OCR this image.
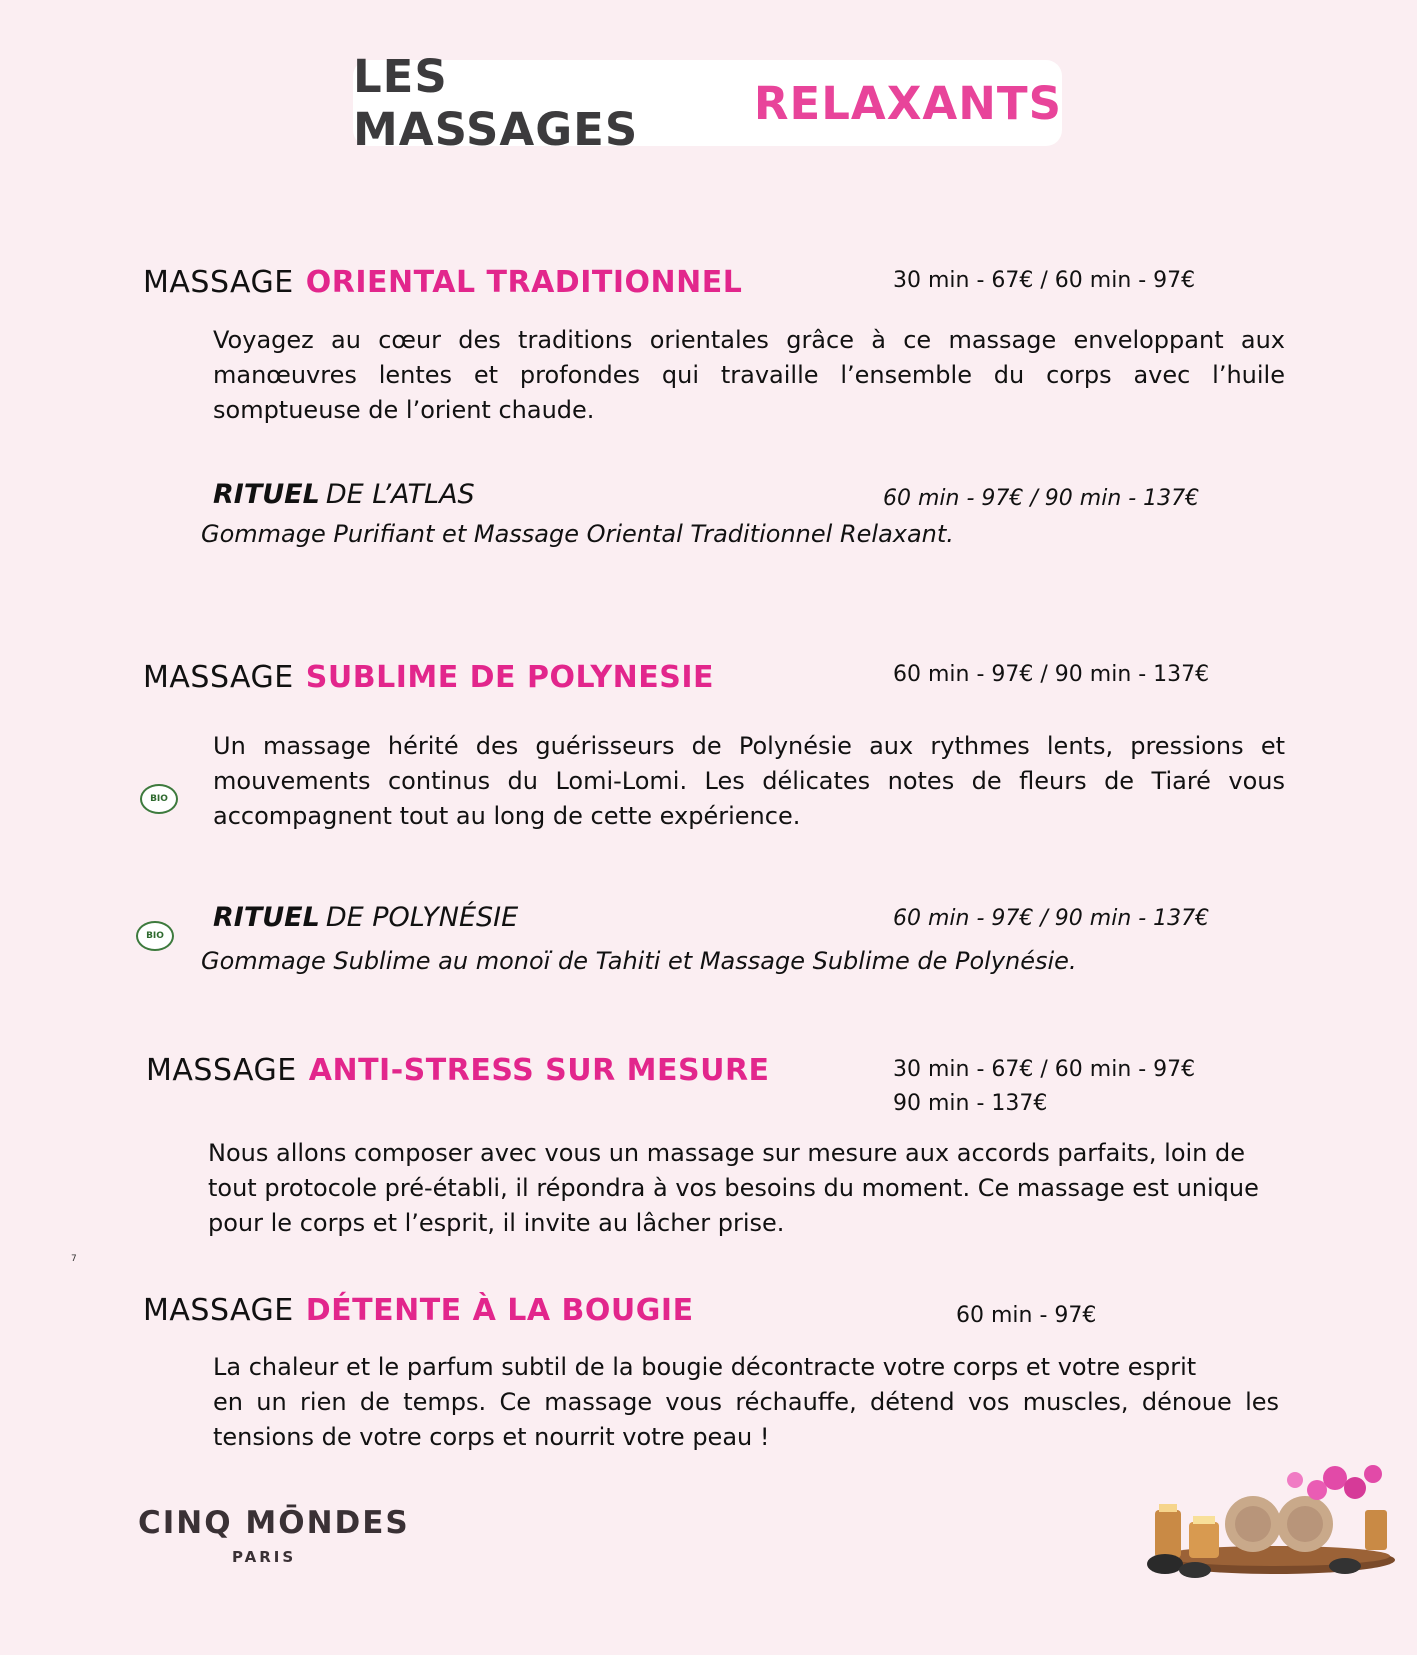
LES MASSAGES	RELAXANTS
MASSAGE ORIENTAL TRADITIONNEL	30 min - 67€ / 60 min - 97€
Voyagez au cœur des traditions orientales grâce à ce massage enveloppant aux manœuvres lentes et profondes qui travaille l’ensemble du corps avec l’huile somptueuse de l’orient chaude.
RITUEL DE L’ATLAS	60 min - 97€ / 90 min - 137€
Gommage Purifiant et Massage Oriental Traditionnel Relaxant.
MASSAGE SUBLIME DE POLYNESIE	60 min - 97€ / 90 min - 137€
BIO
Un massage hérité des guérisseurs de Polynésie aux rythmes lents, pressions et mouvements continus du Lomi-Lomi. Les délicates notes de fleurs de Tiaré vous accompagnent tout au long de cette expérience.
BIO
RITUEL DE POLYNÉSIE	60 min - 97€ / 90 min - 137€
Gommage Sublime au monoï de Tahiti et Massage Sublime de Polynésie.
MASSAGE ANTI-STRESS SUR MESURE	30 min - 67€ / 60 min - 97€
90 min - 137€
Nous allons composer avec vous un massage sur mesure aux accords parfaits, loin de tout protocole pré-établi, il répondra à vos besoins du moment. Ce massage est unique pour le corps et l’esprit, il invite au lâcher prise.
7
MASSAGE DÉTENTE À LA BOUGIE	60 min - 97€
La chaleur et le parfum subtil de la bougie décontracte votre corps et votre esprit
en un rien de temps. Ce massage vous réchauffe, détend vos muscles, dénoue les tensions de votre corps et nourrit votre peau !
CINQ MŌNDES
PARIS
